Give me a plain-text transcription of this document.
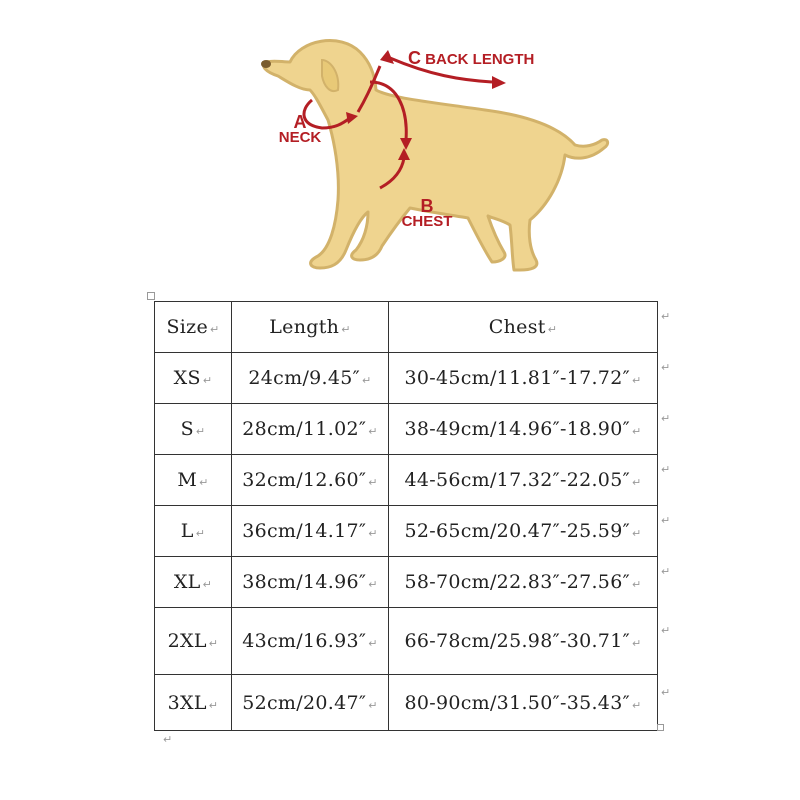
C BACK LENGTH
A
NECK
B
CHEST
Size ↵	Length ↵	Chest ↵
XS ↵	24cm/9.45″ ↵	30-45cm/11.81″-17.72″ ↵
S ↵	28cm/11.02″ ↵	38-49cm/14.96″-18.90″ ↵
M ↵	32cm/12.60″ ↵	44-56cm/17.32″-22.05″ ↵
L ↵	36cm/14.17″ ↵	52-65cm/20.47″-25.59″ ↵
XL ↵	38cm/14.96″ ↵	58-70cm/22.83″-27.56″ ↵
2XL ↵	43cm/16.93″ ↵	66-78cm/25.98″-30.71″ ↵
3XL ↵	52cm/20.47″ ↵	80-90cm/31.50″-35.43″ ↵
↵
↵
↵
↵
↵
↵
↵
↵
↵
